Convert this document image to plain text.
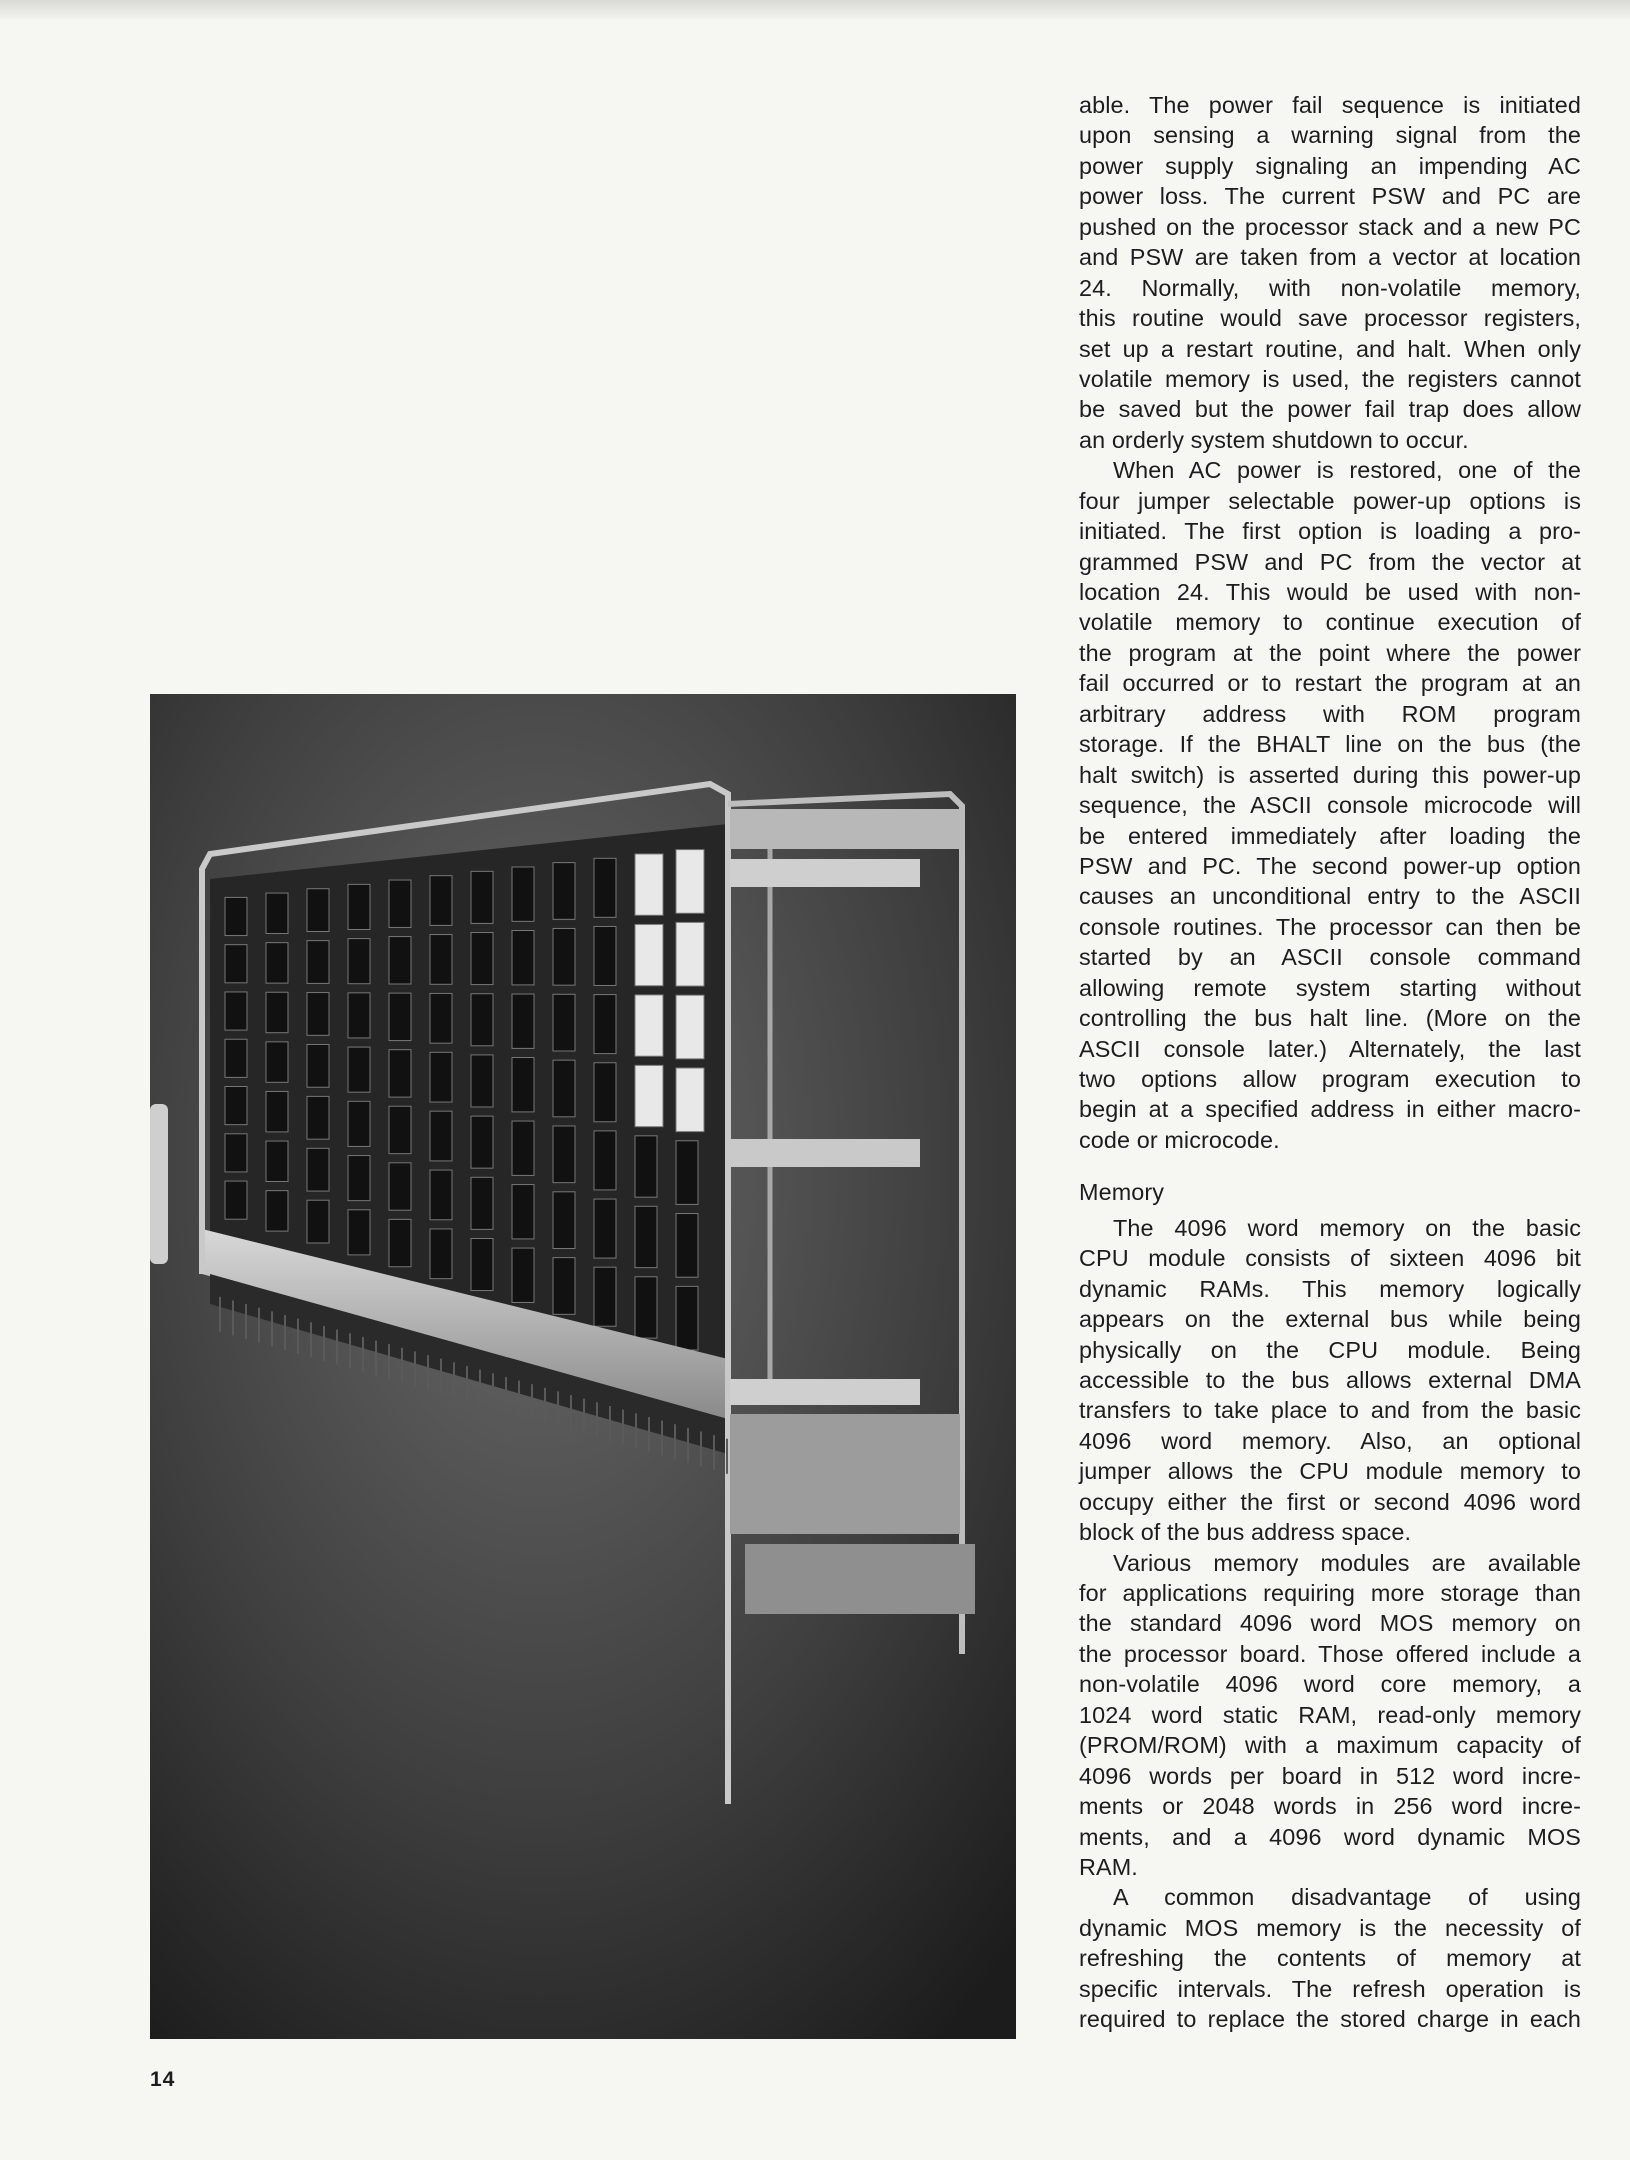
able. The power fail sequence is initiated
upon sensing a warning signal from the
power supply signaling an impending AC
power loss. The current PSW and PC are
pushed on the processor stack and a new PC
and PSW are taken from a vector at location
24. Normally, with non-volatile memory,
this routine would save processor registers,
set up a restart routine, and halt. When only
volatile memory is used, the registers cannot
be saved but the power fail trap does allow
an orderly system shutdown to occur.
When AC power is restored, one of the
four jumper selectable power-up options is
initiated. The first option is loading a pro-
grammed PSW and PC from the vector at
location 24. This would be used with non-
volatile memory to continue execution of
the program at the point where the power
fail occurred or to restart the program at an
arbitrary address with ROM program
storage. If the BHALT line on the bus (the
halt switch) is asserted during this power-up
sequence, the ASCII console microcode will
be entered immediately after loading the
PSW and PC. The second power-up option
causes an unconditional entry to the ASCII
console routines. The processor can then be
started by an ASCII console command
allowing remote system starting without
controlling the bus halt line. (More on the
ASCII console later.) Alternately, the last
two options allow program execution to
begin at a specified address in either macro-
code or microcode.
Memory
The 4096 word memory on the basic
CPU module consists of sixteen 4096 bit
dynamic RAMs. This memory logically
appears on the external bus while being
physically on the CPU module. Being
accessible to the bus allows external DMA
transfers to take place to and from the basic
4096 word memory. Also, an optional
jumper allows the CPU module memory to
occupy either the first or second 4096 word
block of the bus address space.
Various memory modules are available
for applications requiring more storage than
the standard 4096 word MOS memory on
the processor board. Those offered include a
non-volatile 4096 word core memory, a
1024 word static RAM, read-only memory
(PROM/ROM) with a maximum capacity of
4096 words per board in 512 word incre-
ments or 2048 words in 256 word incre-
ments, and a 4096 word dynamic MOS
RAM.
A common disadvantage of using
dynamic MOS memory is the necessity of
refreshing the contents of memory at
specific intervals. The refresh operation is
required to replace the stored charge in each
14
